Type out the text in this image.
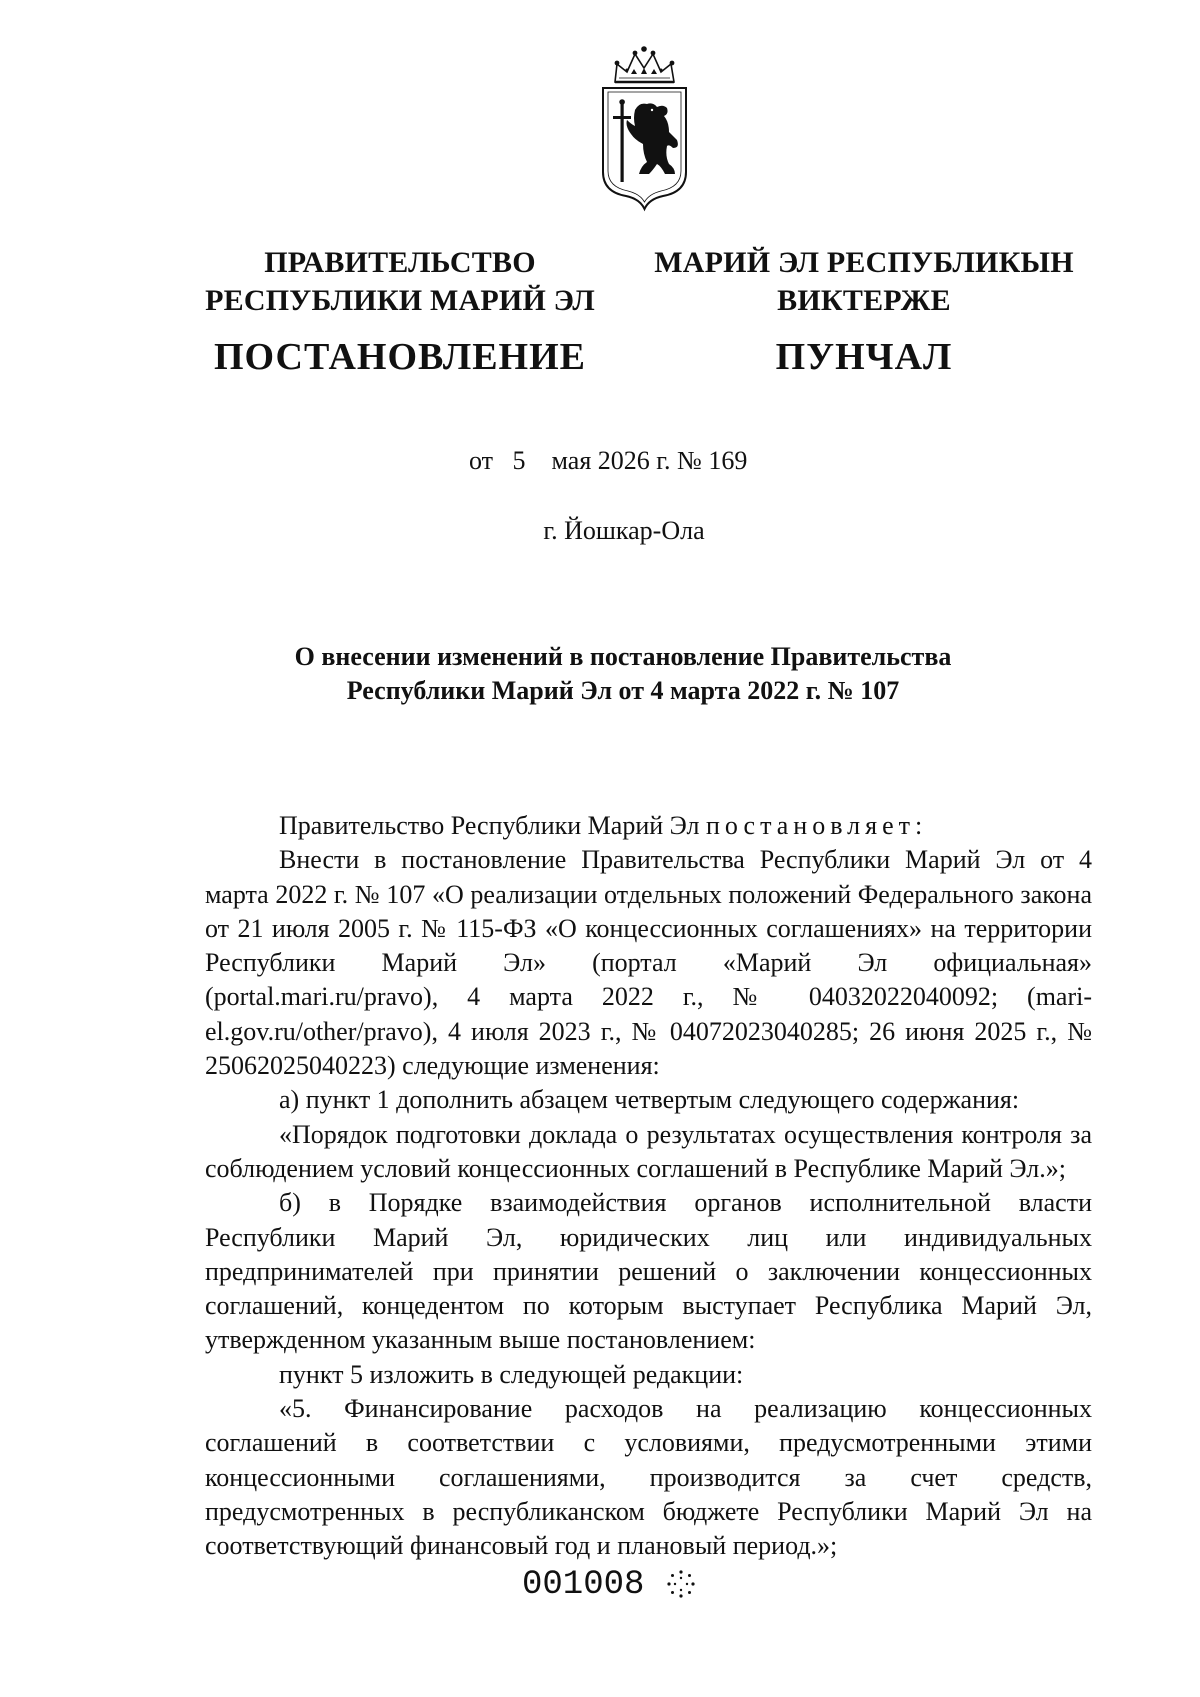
ПРАВИТЕЛЬСТВО
РЕСПУБЛИКИ МАРИЙ ЭЛ
ПОСТАНОВЛЕНИЕ
МАРИЙ ЭЛ РЕСПУБЛИКЫН
ВИКТЕРЖЕ
ПУНЧАЛ
от 5 мая 2026 г. № 169
г. Йошкар-Ола
О внесении изменений в постановление Правительства
Республики Марий Эл от 4 марта 2022 г. № 107

Правительство Республики Марий Эл постановляет:

Внести в постановление Правительства Республики Марий Эл от 4 марта 2022 г. № 107 «О реализации отдельных положений Федерального закона от 21 июля 2005 г. № 115-ФЗ «О концессионных соглашениях» на территории Республики Марий Эл» (портал «Марий Эл официальная» (portal.mari.ru/pravo), 4 марта 2022 г., № 04032022040092; (mari-el.gov.ru/other/pravo), 4 июля 2023 г., № 04072023040285; 26 июня 2025 г., № 25062025040223) следующие изменения:

а) пункт 1 дополнить абзацем четвертым следующего содержания:

«Порядок подготовки доклада о результатах осуществления контроля за соблюдением условий концессионных соглашений в Республике Марий Эл.»;

б) в Порядке взаимодействия органов исполнительной власти Республики Марий Эл, юридических лиц или индивидуальных предпринимателей при принятии решений о заключении концессионных соглашений, концедентом по которым выступает Республика Марий Эл, утвержденном указанным выше постановлением:

пункт 5 изложить в следующей редакции:

«5. Финансирование расходов на реализацию концессионных соглашений в соответствии с условиями, предусмотренными этими концессионными соглашениями, производится за счет средств, предусмотренных в республиканском бюджете Республики Марий Эл на соответствующий финансовый год и плановый период.»;

001008
